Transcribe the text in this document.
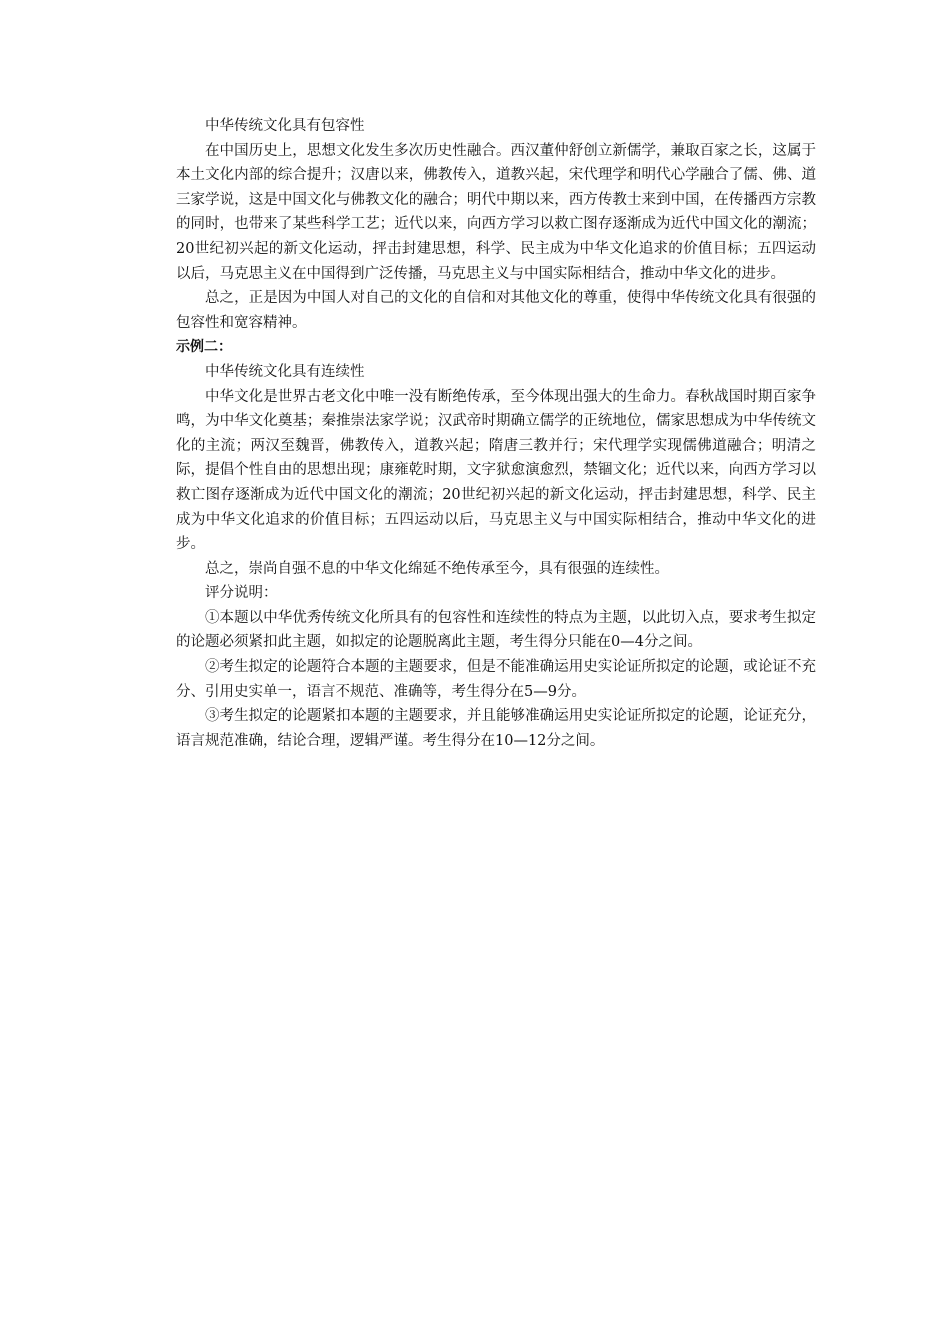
中华传统文化具有包容性

在中国历史上，思想文化发生多次历史性融合。西汉董仲舒创立新儒学，兼取百家之长，这属于本土文化内部的综合提升；汉唐以来，佛教传入，道教兴起，宋代理学和明代心学融合了儒、佛、道三家学说，这是中国文化与佛教文化的融合；明代中期以来，西方传教士来到中国，在传播西方宗教的同时，也带来了某些科学工艺；近代以来，向西方学习以救亡图存逐渐成为近代中国文化的潮流；20世纪初兴起的新文化运动，抨击封建思想，科学、民主成为中华文化追求的价值目标；五四运动以后，马克思主义在中国得到广泛传播，马克思主义与中国实际相结合，推动中华文化的进步。

总之，正是因为中国人对自己的文化的自信和对其他文化的尊重，使得中华传统文化具有很强的包容性和宽容精神。

示例二：

中华传统文化具有连续性

中华文化是世界古老文化中唯一没有断绝传承，至今体现出强大的生命力。春秋战国时期百家争鸣，为中华文化奠基；秦推崇法家学说；汉武帝时期确立儒学的正统地位，儒家思想成为中华传统文化的主流；两汉至魏晋，佛教传入，道教兴起；隋唐三教并行；宋代理学实现儒佛道融合；明清之际，提倡个性自由的思想出现；康雍乾时期，文字狱愈演愈烈，禁锢文化；近代以来，向西方学习以救亡图存逐渐成为近代中国文化的潮流；20世纪初兴起的新文化运动，抨击封建思想，科学、民主成为中华文化追求的价值目标；五四运动以后，马克思主义与中国实际相结合，推动中华文化的进步。

总之，崇尚自强不息的中华文化绵延不绝传承至今，具有很强的连续性。

评分说明：

①本题以中华优秀传统文化所具有的包容性和连续性的特点为主题，以此切入点，要求考生拟定的论题必须紧扣此主题，如拟定的论题脱离此主题，考生得分只能在0—4分之间。

②考生拟定的论题符合本题的主题要求，但是不能准确运用史实论证所拟定的论题，或论证不充分、引用史实单一，语言不规范、准确等，考生得分在5—9分。

③考生拟定的论题紧扣本题的主题要求，并且能够准确运用史实论证所拟定的论题，论证充分，语言规范准确，结论合理，逻辑严谨。考生得分在10—12分之间。
